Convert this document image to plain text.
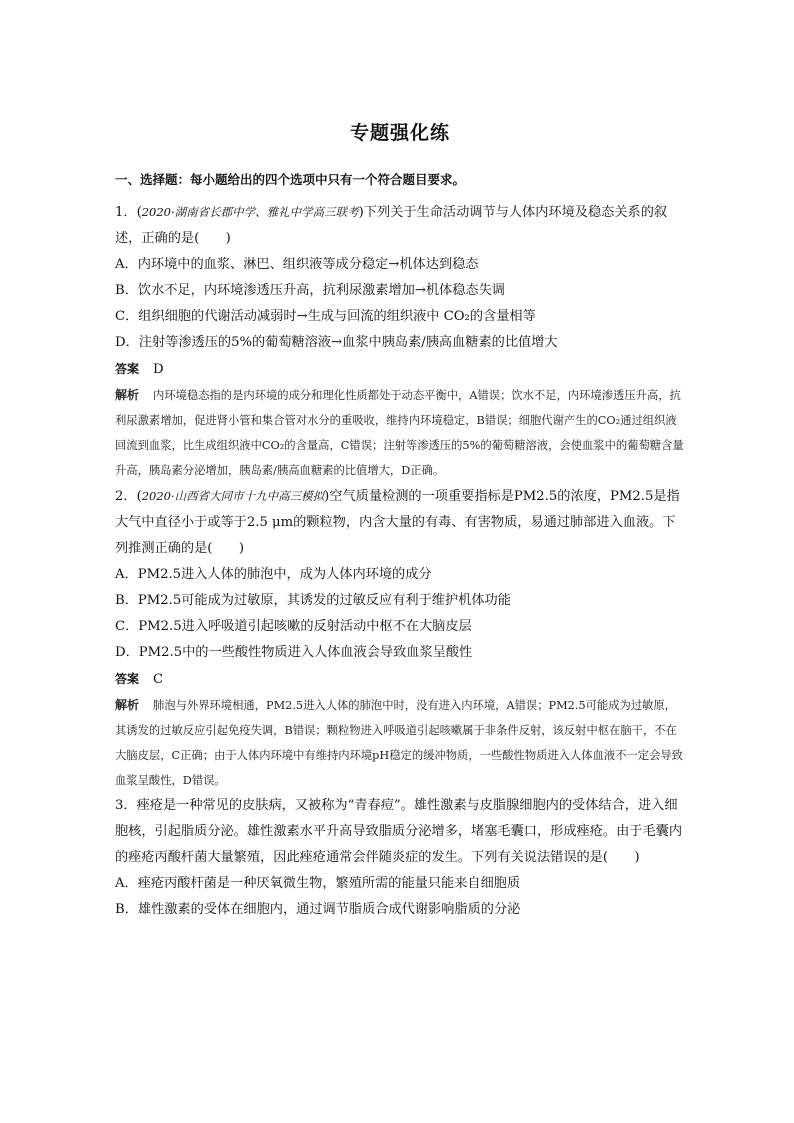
专题强化练
一、选择题：每小题给出的四个选项中只有一个符合题目要求。

1．(2020·湖南省长郡中学、雅礼中学高三联考)下列关于生命活动调节与人体内环境及稳态关系的叙述，正确的是(　　)

A．内环境中的血浆、淋巴、组织液等成分稳定→机体达到稳态

B．饮水不足，内环境渗透压升高，抗利尿激素增加→机体稳态失调

C．组织细胞的代谢活动减弱时→生成与回流的组织液中 CO₂的含量相等

D．注射等渗透压的5%的葡萄糖溶液→血浆中胰岛素/胰高血糖素的比值增大

答案 D

解析 内环境稳态指的是内环境的成分和理化性质都处于动态平衡中，A错误；饮水不足，内环境渗透压升高，抗利尿激素增加，促进肾小管和集合管对水分的重吸收，维持内环境稳定，B错误；细胞代谢产生的CO₂通过组织液回流到血浆，比生成组织液中CO₂的含量高，C错误；注射等渗透压的5%的葡萄糖溶液，会使血浆中的葡萄糖含量升高，胰岛素分泌增加，胰岛素/胰高血糖素的比值增大，D正确。

2．(2020·山西省大同市十九中高三模拟)空气质量检测的一项重要指标是PM2.5的浓度，PM2.5是指大气中直径小于或等于2.5 μm的颗粒物，内含大量的有毒、有害物质，易通过肺部进入血液。下列推测正确的是(　　)

A．PM2.5进入人体的肺泡中，成为人体内环境的成分

B．PM2.5可能成为过敏原，其诱发的过敏反应有利于维护机体功能

C．PM2.5进入呼吸道引起咳嗽的反射活动中枢不在大脑皮层

D．PM2.5中的一些酸性物质进入人体血液会导致血浆呈酸性

答案 C

解析 肺泡与外界环境相通，PM2.5进入人体的肺泡中时，没有进入内环境，A错误；PM2.5可能成为过敏原，其诱发的过敏反应引起免疫失调，B错误；颗粒物进入呼吸道引起咳嗽属于非条件反射，该反射中枢在脑干，不在大脑皮层，C正确；由于人体内环境中有维持内环境pH稳定的缓冲物质，一些酸性物质进入人体血液不一定会导致血浆呈酸性，D错误。

3．痤疮是一种常见的皮肤病，又被称为“青春痘”。雄性激素与皮脂腺细胞内的受体结合，进入细胞核，引起脂质分泌。雄性激素水平升高导致脂质分泌增多，堵塞毛囊口，形成痤疮。由于毛囊内的痤疮丙酸杆菌大量繁殖，因此痤疮通常会伴随炎症的发生。下列有关说法错误的是(　　)

A．痤疮丙酸杆菌是一种厌氧微生物，繁殖所需的能量只能来自细胞质

B．雄性激素的受体在细胞内，通过调节脂质合成代谢影响脂质的分泌
